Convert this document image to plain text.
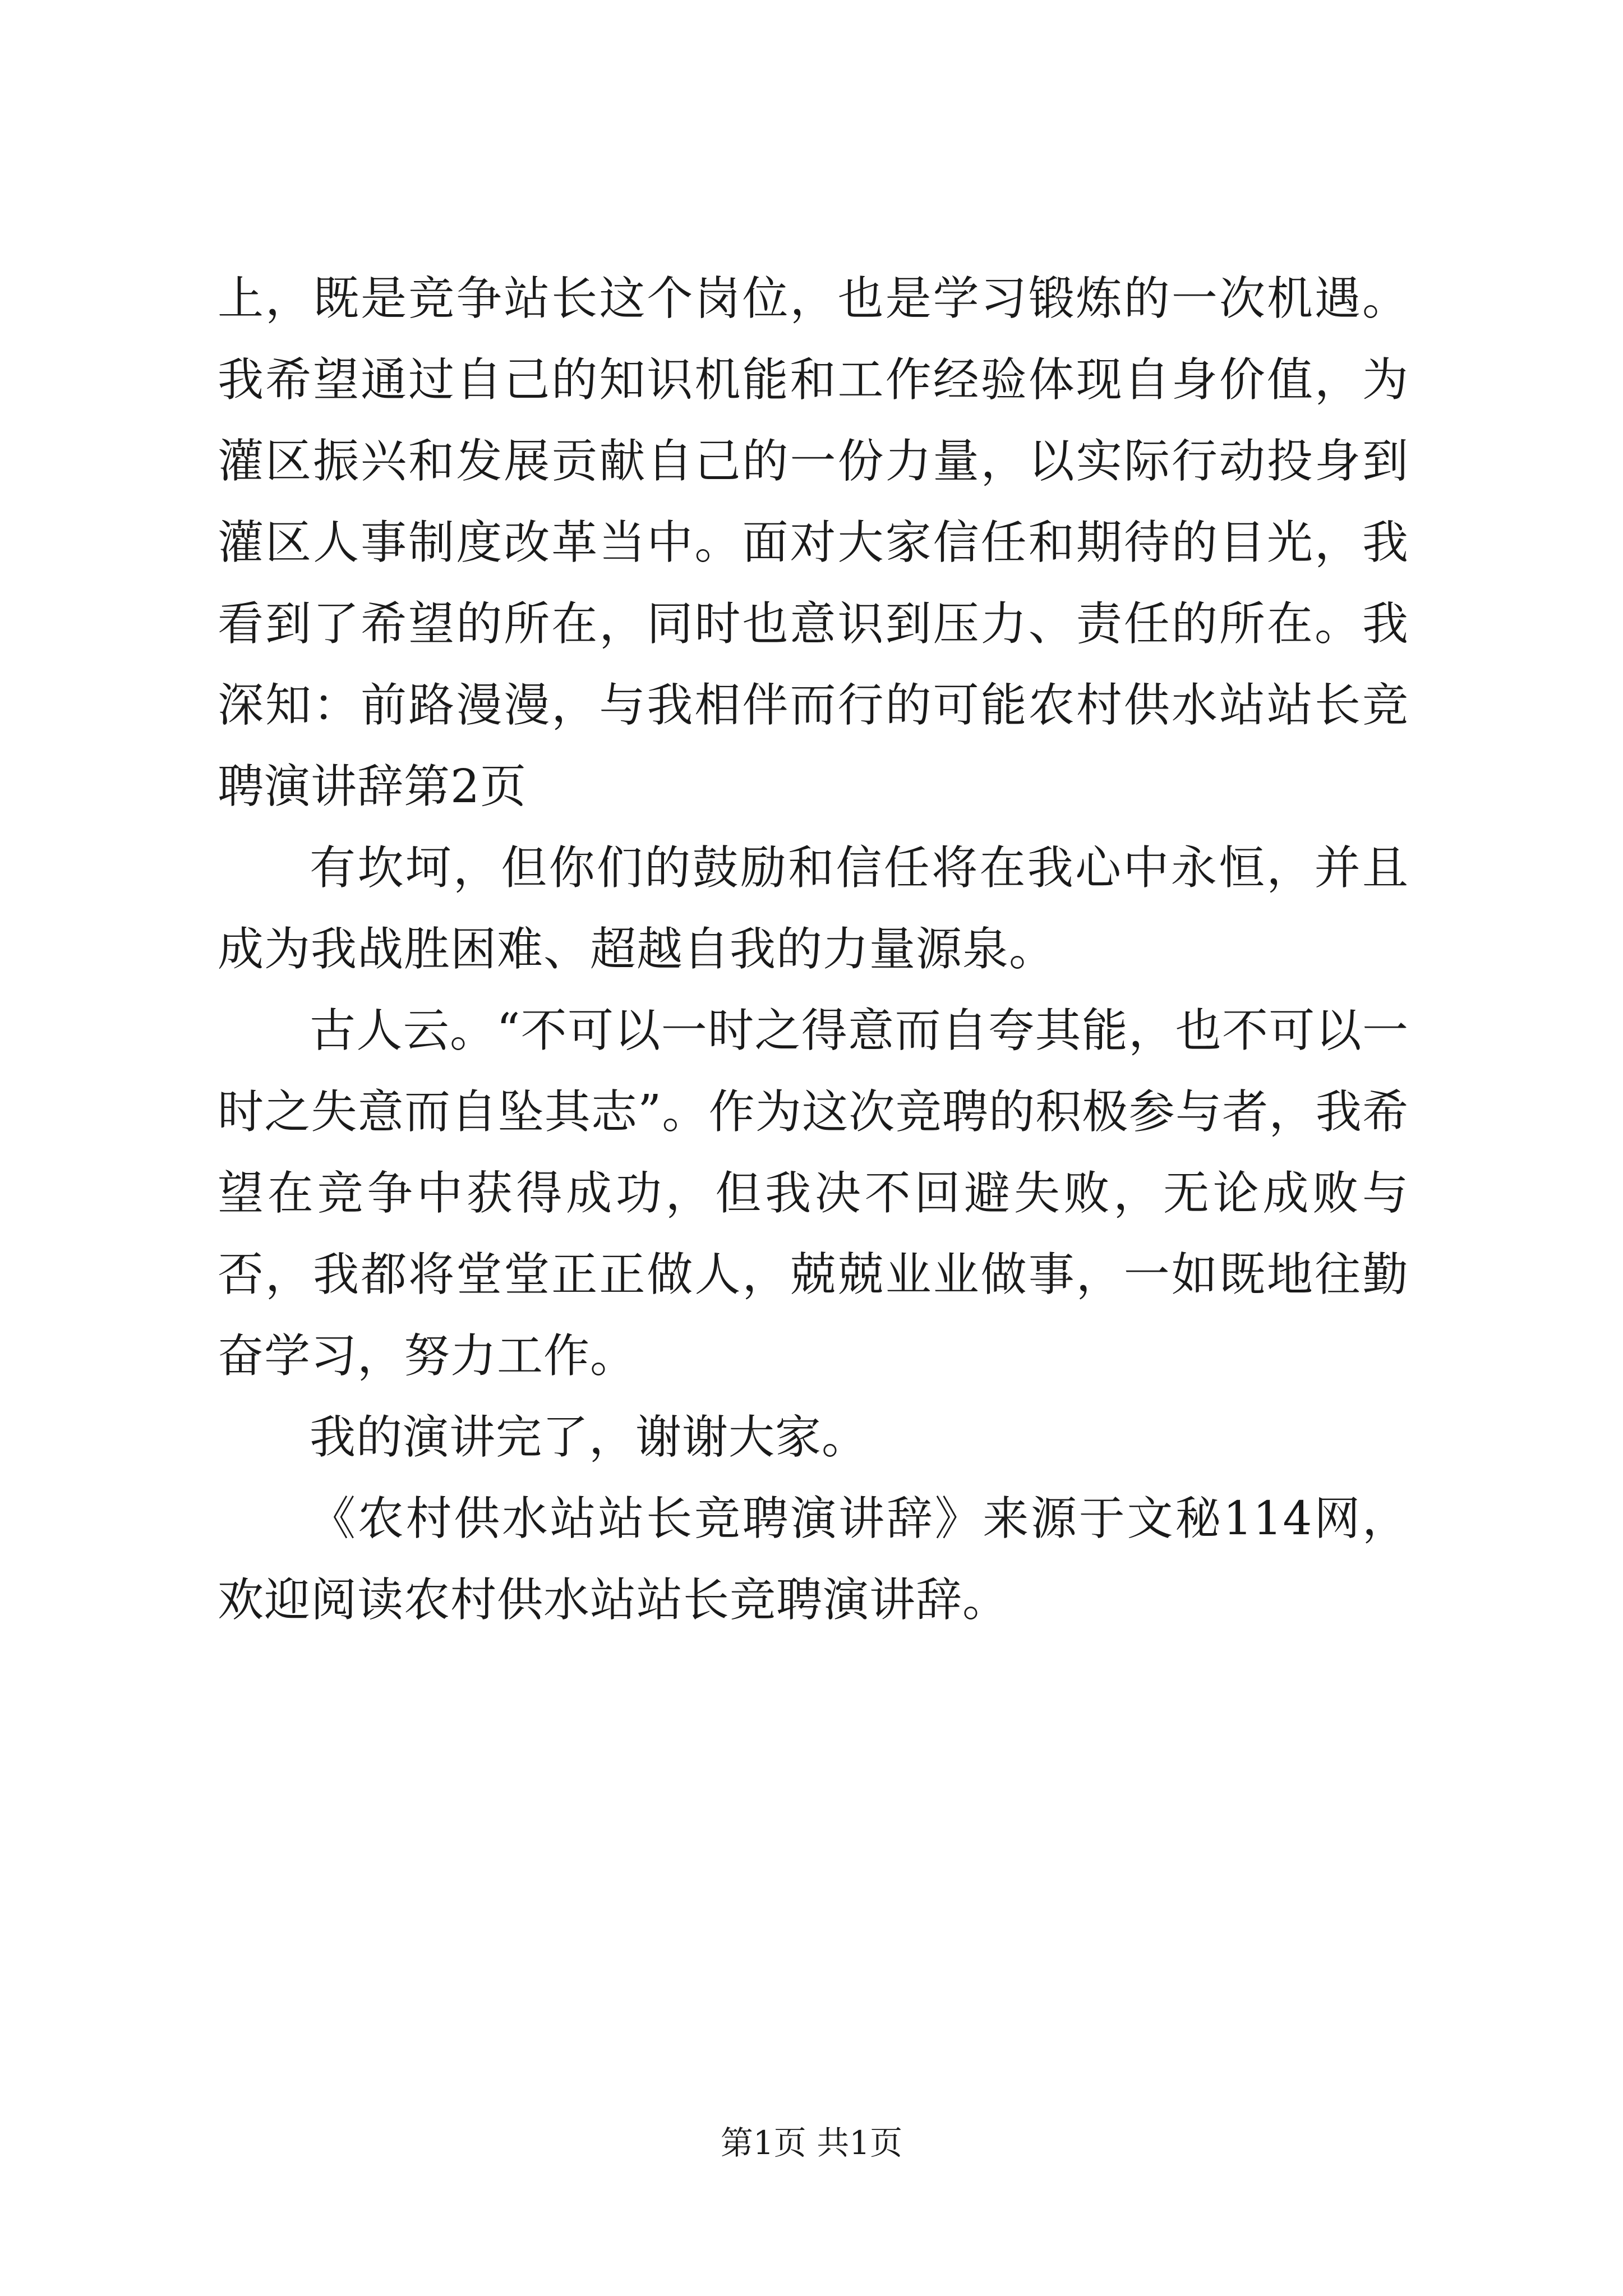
上，既是竞争站长这个岗位，也是学习锻炼的一次机遇。我希望通过自己的知识机能和工作经验体现自身价值，为灌区振兴和发展贡献自己的一份力量，以实际行动投身到灌区人事制度改革当中。面对大家信任和期待的目光，我看到了希望的所在，同时也意识到压力、责任的所在。我深知：前路漫漫，与我相伴而行的可能农村供水站站长竞聘演讲辞第2页

有坎坷，但你们的鼓励和信任将在我心中永恒，并且成为我战胜困难、超越自我的力量源泉。

古人云。“不可以一时之得意而自夸其能，也不可以一时之失意而自坠其志”。作为这次竞聘的积极参与者，我希望在竞争中获得成功，但我决不回避失败，无论成败与否，我都将堂堂正正做人，兢兢业业做事，一如既地往勤奋学习，努力工作。

我的演讲完了，谢谢大家。

《农村供水站站长竞聘演讲辞》来源于文秘114网，欢迎阅读农村供水站站长竞聘演讲辞。

第1页 共1页
